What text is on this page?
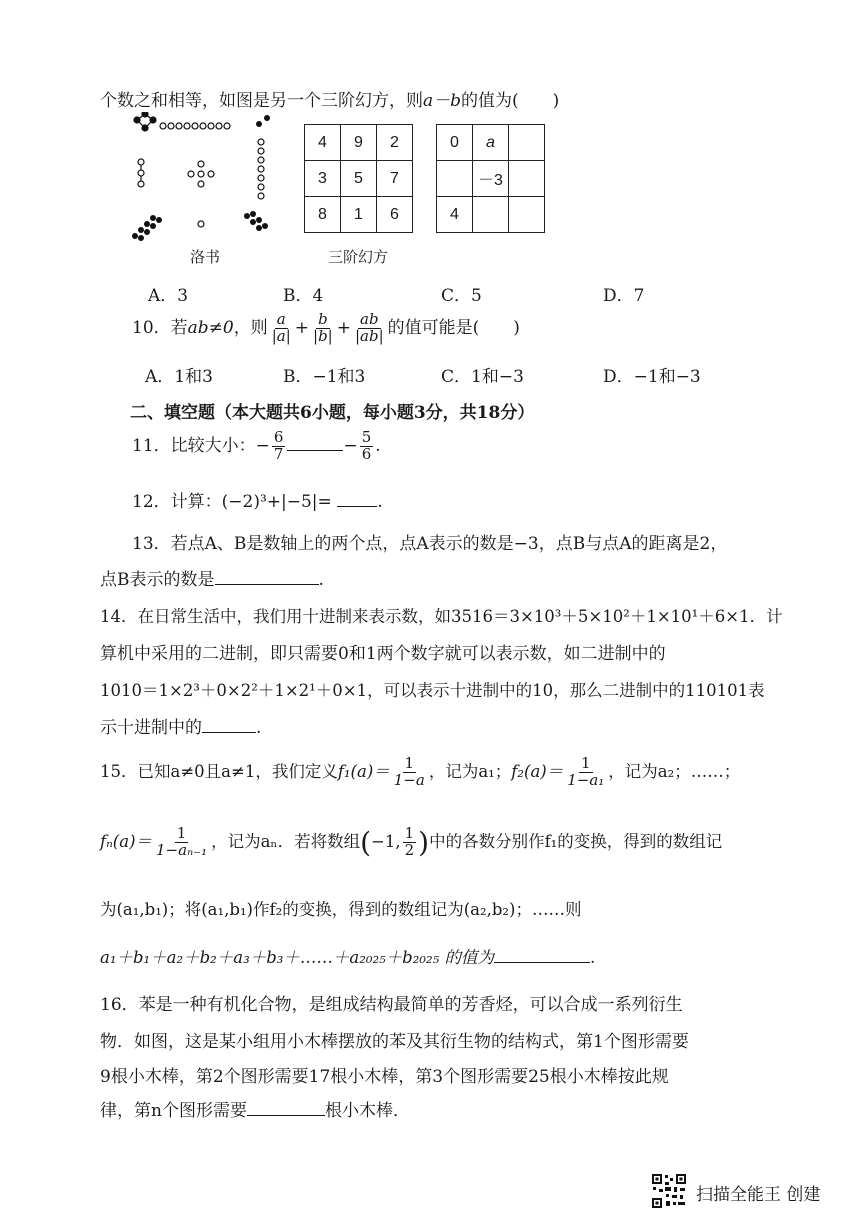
个数之和相等，如图是另一个三阶幻方，则a－b的值为(　　)
4	9	2
3	5	7
8	1	6
0	a	
	－3	
4		
洛书	三阶幻方
A．3	B．4	C．5	D．7
10．若ab≠0，则 $\frac{a}{|a|} + \frac{b}{|b|} + \frac{ab}{|ab|}$ 的值可能是(　　)
A．1和3	B．−1和3	C．1和−3	D．−1和−3
二、填空题（本大题共6小题，每小题3分，共18分）
11．比较大小：− $\frac{6}{7}$	− $\frac{5}{6}$ .
12．计算：(−2)³+|−5|=	.
13．若点A、B是数轴上的两个点，点A表示的数是−3，点B与点A的距离是2，
点B表示的数是	.
14．在日常生活中，我们用十进制来表示数，如3516＝3×10³＋5×10²＋1×10¹＋6×1．计
算机中采用的二进制，即只需要0和1两个数字就可以表示数，如二进制中的
1010＝1×2³＋0×2²＋1×2¹＋0×1，可以表示十进制中的10，那么二进制中的110101表
示十进制中的	.
15．已知a≠0且a≠1，我们定义$f_1(a)= \frac{1}{1-a}$ ，记为a₁；$f_2(a)= \frac{1}{\text{1−a₁}}$ ，记为a₂；……；
$f_n(a)= \frac{1}{\text{1−aₙ₋₁}}$ ，记为aₙ．若将数组(−1, $\frac{1}{2}$ )中的各数分别作f₁的变换，得到的数组记
为(a₁,b₁)；将(a₁,b₁)作f₂的变换，得到的数组记为(a₂,b₂)；……则
a₁＋b₁＋a₂＋b₂＋a₃＋b₃＋……＋a₂₀₂₅＋b₂₀₂₅ 的值为	.
16．苯是一种有机化合物，是组成结构最简单的芳香烃，可以合成一系列衍生
物．如图，这是某小组用小木棒摆放的苯及其衍生物的结构式，第1个图形需要
9根小木棒，第2个图形需要17根小木棒，第3个图形需要25根小木棒按此规
律，第n个图形需要	根小木棒．
扫描全能王 创建
